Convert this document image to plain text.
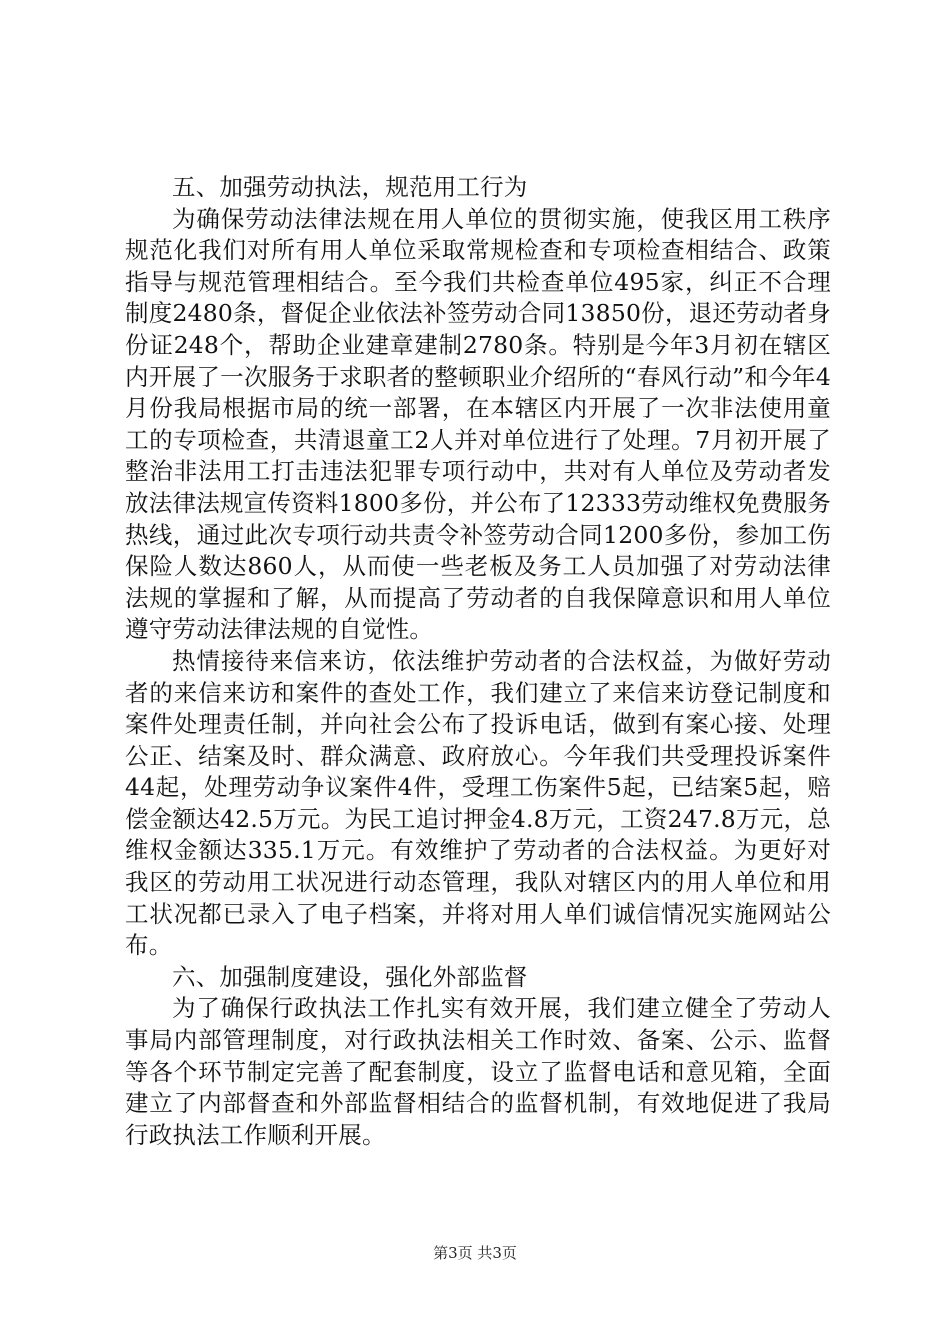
五、加强劳动执法，规范用工行为

为确保劳动法律法规在用人单位的贯彻实施，使我区用工秩序规范化我们对所有用人单位采取常规检查和专项检查相结合、政策指导与规范管理相结合。至今我们共检查单位495家，纠正不合理制度2480条，督促企业依法补签劳动合同13850份，退还劳动者身份证248个，帮助企业建章建制2780条。特别是今年3月初在辖区内开展了一次服务于求职者的整顿职业介绍所的“春风行动”和今年4月份我局根据市局的统一部署，在本辖区内开展了一次非法使用童工的专项检查，共清退童工2人并对单位进行了处理。7月初开展了整治非法用工打击违法犯罪专项行动中，共对有人单位及劳动者发放法律法规宣传资料1800多份，并公布了12333劳动维权免费服务热线，通过此次专项行动共责令补签劳动合同1200多份，参加工伤保险人数达860人，从而使一些老板及务工人员加强了对劳动法律法规的掌握和了解，从而提高了劳动者的自我保障意识和用人单位遵守劳动法律法规的自觉性。

热情接待来信来访，依法维护劳动者的合法权益，为做好劳动者的来信来访和案件的查处工作，我们建立了来信来访登记制度和案件处理责任制，并向社会公布了投诉电话，做到有案心接、处理公正、结案及时、群众满意、政府放心。今年我们共受理投诉案件44起，处理劳动争议案件4件，受理工伤案件5起，已结案5起，赔偿金额达42.5万元。为民工追讨押金4.8万元，工资247.8万元，总维权金额达335.1万元。有效维护了劳动者的合法权益。为更好对我区的劳动用工状况进行动态管理，我队对辖区内的用人单位和用工状况都已录入了电子档案，并将对用人单们诚信情况实施网站公布。

六、加强制度建设，强化外部监督

为了确保行政执法工作扎实有效开展，我们建立健全了劳动人事局内部管理制度，对行政执法相关工作时效、备案、公示、监督等各个环节制定完善了配套制度，设立了监督电话和意见箱，全面建立了内部督查和外部监督相结合的监督机制，有效地促进了我局行政执法工作顺利开展。

第3页 共3页
